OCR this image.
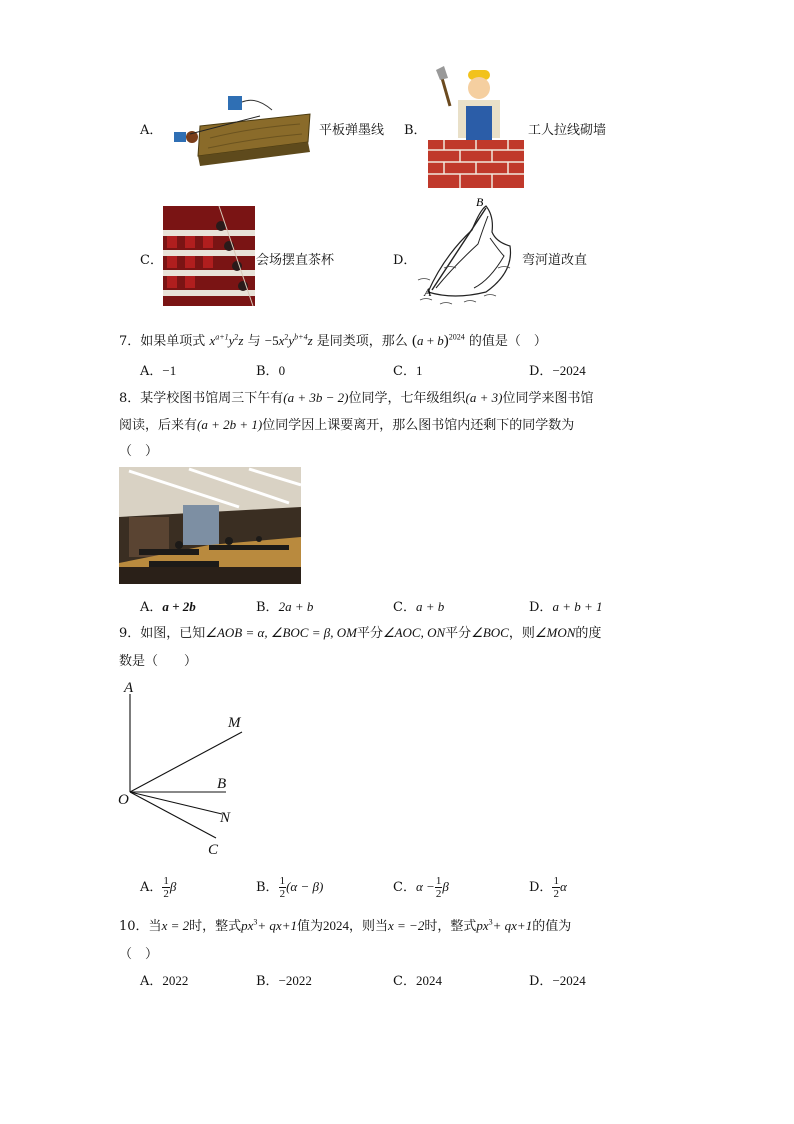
A．	平板弹墨线 B．	工人拉线砌墙
C．	会场摆直茶杯	D．
B
A
弯河道改直
7．如果单项式 $x^{a+1}y^2z$ 与 $-5x^2y^{b+4}z$ 是同类项，那么 $(a + b)^{2024}$ 的值是（　）
A．−1	B．0	C．1	D．−2024
8．某学校图书馆周三下午有(a + 3b − 2)位同学，七年级组织(a + 3)位同学来图书馆
阅读，后来有(a + 2b + 1)位同学因上课要离开，那么图书馆内还剩下的同学数为
（　）
A．a + 2b	B．2a + b	C．a + b	D．a + b + 1
9．如图，已知∠AOB = α, ∠BOC = β, OM平分∠AOC, ON平分∠BOC，则∠MON的度
数是（　　）
A
M
B
O
N
C
A． $\frac{1}{2}$ β	B． $\frac{1}{2} (\alpha - \beta)$	C．$\alpha - \frac{1}{2}$ β	D． $\frac{1}{2}$ α
10．当x = 2时，整式$px^3+ qx+1$值为2024，则当x = −2时，整式$px^3+ qx+1$的值为
（　）
A．2022	B．−2022	C．2024	D．−2024
